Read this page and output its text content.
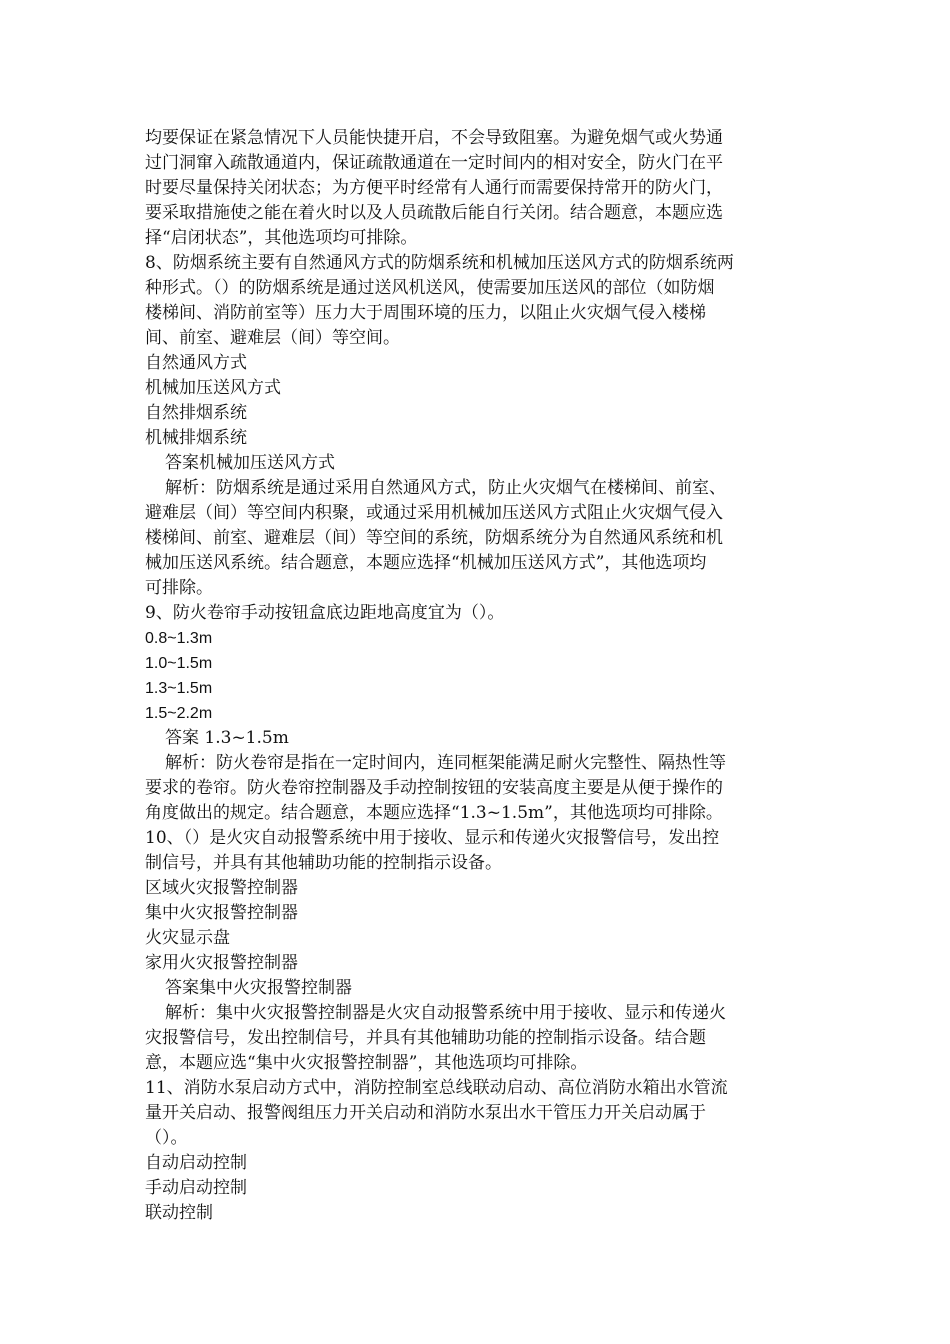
均要保证在紧急情况下人员能快捷开启，不会导致阻塞。为避免烟气或火势通
过门洞窜入疏散通道内，保证疏散通道在一定时间内的相对安全，防火门在平
时要尽量保持关闭状态；为方便平时经常有人通行而需要保持常开的防火门，
要采取措施使之能在着火时以及人员疏散后能自行关闭。结合题意，本题应选
择“启闭状态”，其他选项均可排除。
8、防烟系统主要有自然通风方式的防烟系统和机械加压送风方式的防烟系统两
种形式。（）的防烟系统是通过送风机送风，使需要加压送风的部位（如防烟
楼梯间、消防前室等）压力大于周围环境的压力，以阻止火灾烟气侵入楼梯
间、前室、避难层（间）等空间。
自然通风方式
机械加压送风方式
自然排烟系统
机械排烟系统
答案机械加压送风方式
解析：防烟系统是通过采用自然通风方式，防止火灾烟气在楼梯间、前室、
避难层（间）等空间内积聚，或通过采用机械加压送风方式阻止火灾烟气侵入
楼梯间、前室、避难层（间）等空间的系统，防烟系统分为自然通风系统和机
械加压送风系统。结合题意，本题应选择“机械加压送风方式”，其他选项均
可排除。
9、防火卷帘手动按钮盒底边距地高度宜为（）。
0.8~1.3m
1.0~1.5m
1.3~1.5m
1.5~2.2m
答案 1.3~1.5m
解析：防火卷帘是指在一定时间内，连同框架能满足耐火完整性、隔热性等
要求的卷帘。防火卷帘控制器及手动控制按钮的安装高度主要是从便于操作的
角度做出的规定。结合题意，本题应选择“1.3~1.5m”，其他选项均可排除。
10、（）是火灾自动报警系统中用于接收、显示和传递火灾报警信号，发出控
制信号，并具有其他辅助功能的控制指示设备。
区域火灾报警控制器
集中火灾报警控制器
火灾显示盘
家用火灾报警控制器
答案集中火灾报警控制器
解析：集中火灾报警控制器是火灾自动报警系统中用于接收、显示和传递火
灾报警信号，发出控制信号，并具有其他辅助功能的控制指示设备。结合题
意，本题应选“集中火灾报警控制器”，其他选项均可排除。
11、消防水泵启动方式中，消防控制室总线联动启动、高位消防水箱出水管流
量开关启动、报警阀组压力开关启动和消防水泵出水干管压力开关启动属于
（）。
自动启动控制
手动启动控制
联动控制
